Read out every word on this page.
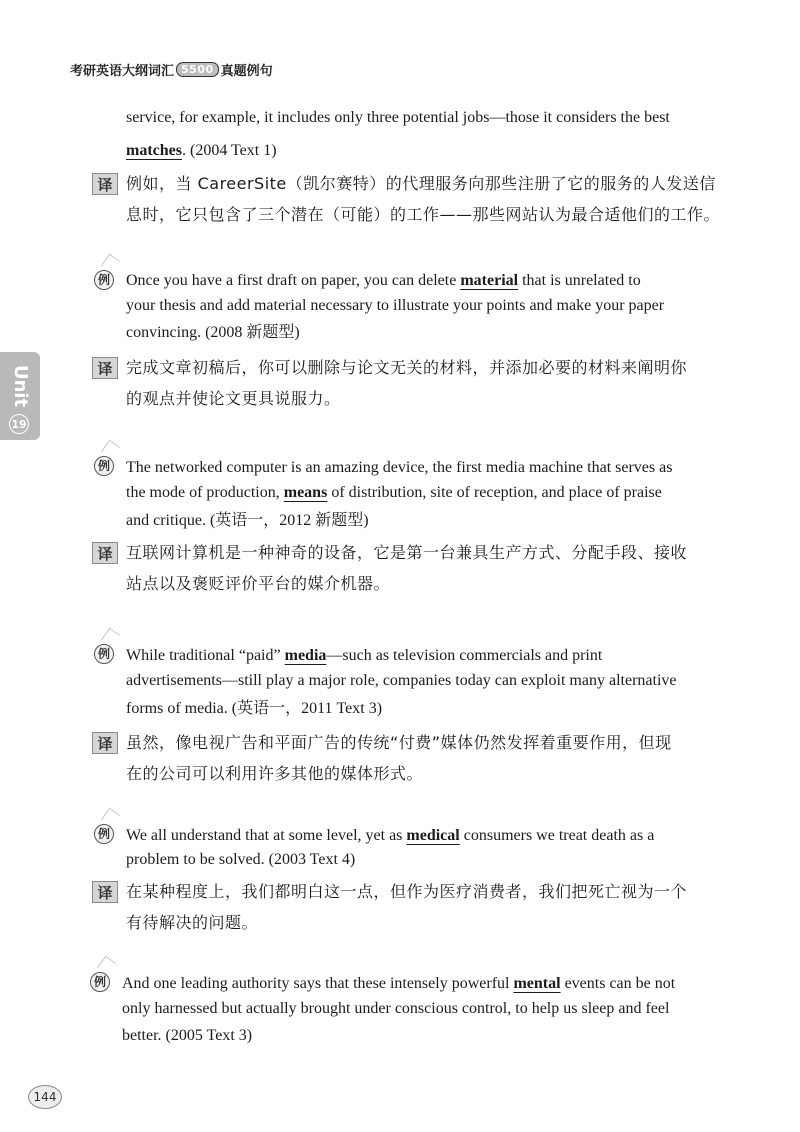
考研英语大纲词汇 5500 真题例句
Unit
19
service, for example, it includes only three potential jobs—those it considers the best
matches. (2004 Text 1)
译 例如，当 CareerSite（凯尔赛特）的代理服务向那些注册了它的服务的人发送信
息时，它只包含了三个潜在（可能）的工作——那些网站认为最合适他们的工作。
例 Once you have a first draft on paper, you can delete material that is unrelated to
your thesis and add material necessary to illustrate your points and make your paper
convincing. (2008 新题型)
译 完成文章初稿后，你可以删除与论文无关的材料，并添加必要的材料来阐明你
的观点并使论文更具说服力。
例 The networked computer is an amazing device, the first media machine that serves as
the mode of production, means of distribution, site of reception, and place of praise
and critique. (英语一，2012 新题型)
译 互联网计算机是一种神奇的设备，它是第一台兼具生产方式、分配手段、接收
站点以及褒贬评价平台的媒介机器。
例 While traditional “paid” media—such as television commercials and print
advertisements—still play a major role, companies today can exploit many alternative
forms of media. (英语一，2011 Text 3)
译 虽然，像电视广告和平面广告的传统“付费”媒体仍然发挥着重要作用，但现
在的公司可以利用许多其他的媒体形式。
例 We all understand that at some level, yet as medical consumers we treat death as a
problem to be solved. (2003 Text 4)
译 在某种程度上，我们都明白这一点，但作为医疗消费者，我们把死亡视为一个
有待解决的问题。
例 And one leading authority says that these intensely powerful mental events can be not
only harnessed but actually brought under conscious control, to help us sleep and feel
better. (2005 Text 3)
144
